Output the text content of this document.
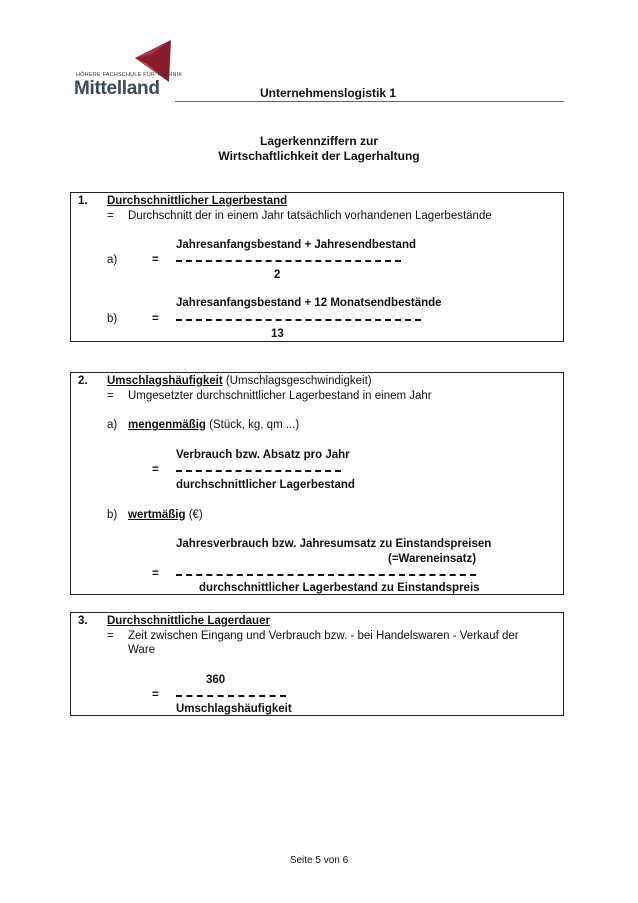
HÖHERE FACHSCHULE FÜR TECHNIK
Mittelland	Unternehmenslogistik 1
Lagerkennziffern zur
Wirtschaftlichkeit der Lagerhaltung
1. Durchschnittlicher Lagerbestand
= Durchschnitt der in einem Jahr tatsächlich vorhandenen Lagerbestände
Jahresanfangsbestand + Jahresendbestand
a)	=
2
Jahresanfangsbestand + 12 Monatsendbestände
b)	=
13
2. Umschlagshäufigkeit (Umschlagsgeschwindigkeit)
= Umgesetzter durchschnittlicher Lagerbestand in einem Jahr
a) mengenmäßig (Stück, kg, qm ...)
Verbrauch bzw. Absatz pro Jahr
=
durchschnittlicher Lagerbestand
b) wertmäßig (€)
Jahresverbrauch bzw. Jahresumsatz zu Einstandspreisen
(=Wareneinsatz)
=
durchschnittlicher Lagerbestand zu Einstandspreis
3. Durchschnittliche Lagerdauer
= Zeit zwischen Eingang und Verbrauch bzw. - bei Handelswaren - Verkauf der
Ware
360
=
Umschlagshäufigkeit
Seite 5 von 6
